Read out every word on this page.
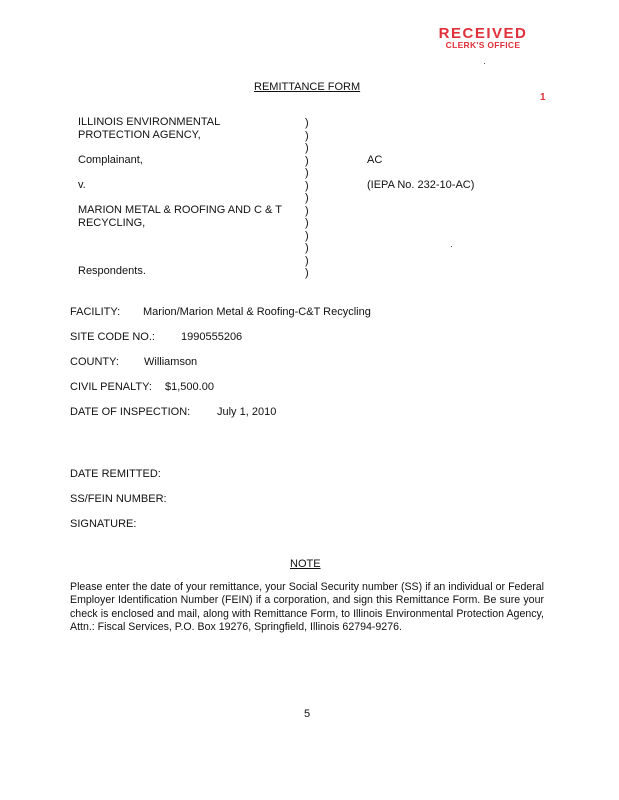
RECEIVED
CLERK'S OFFICE
1
REMITTANCE FORM
ILLINOIS ENVIRONMENTAL
PROTECTION AGENCY,
Complainant,
v.
MARION METAL & ROOFING AND C & T
RECYCLING,
Respondents.
)
)
)
)
)
)
)
)
)
)
)
)
)
AC
(IEPA No. 232-10-AC)
FACILITY: Marion/Marion Metal & Roofing-C&T Recycling
SITE CODE NO.: 1990555206
COUNTY: Williamson
CIVIL PENALTY: $1,500.00
DATE OF INSPECTION: July 1, 2010
DATE REMITTED:
SS/FEIN NUMBER:
SIGNATURE:
NOTE
Please enter the date of your remittance, your Social Security number (SS) if an individual or Federal Employer Identification Number (FEIN) if a corporation, and sign this Remittance Form. Be sure your check is enclosed and mail, along with Remittance Form, to Illinois Environmental Protection Agency, Attn.: Fiscal Services, P.O. Box 19276, Springfield, Illinois 62794-9276.
5
